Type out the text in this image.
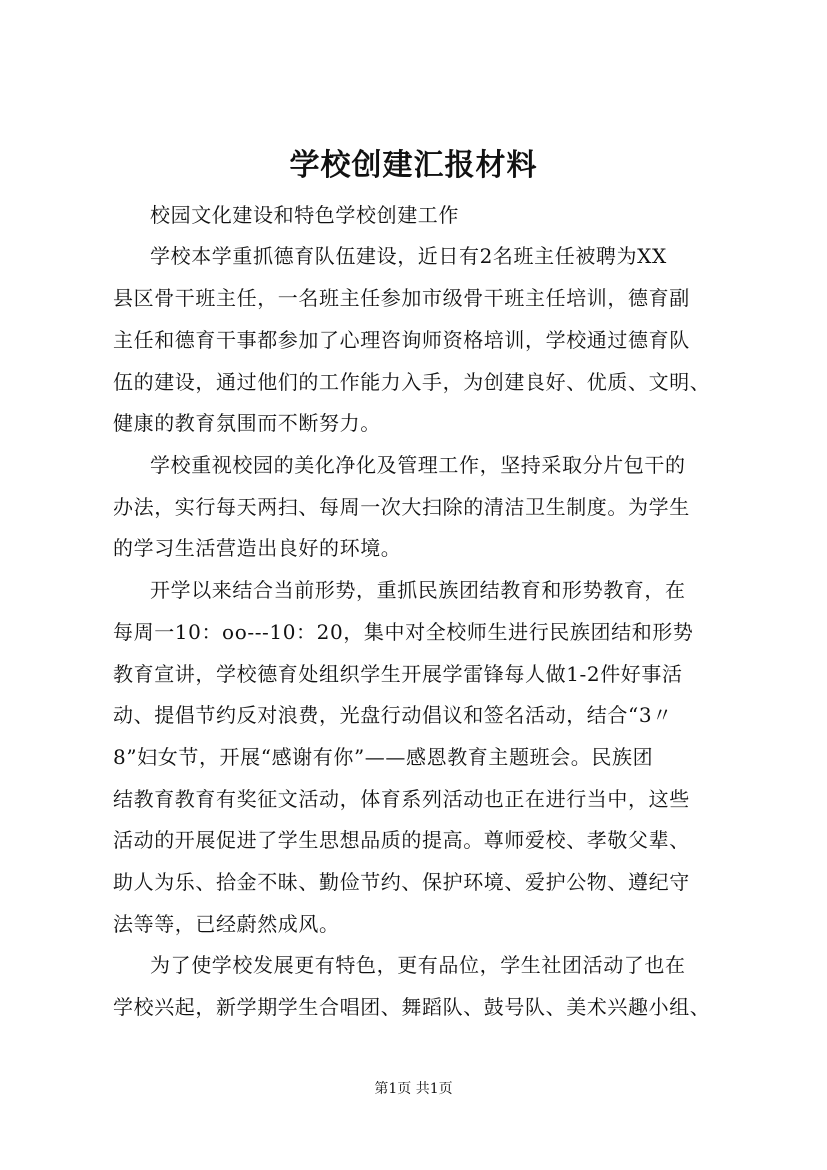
学校创建汇报材料
校园文化建设和特色学校创建工作
学校本学重抓德育队伍建设，近日有2名班主任被聘为XX
县区骨干班主任，一名班主任参加市级骨干班主任培训，德育副
主任和德育干事都参加了心理咨询师资格培训，学校通过德育队
伍的建设，通过他们的工作能力入手，为创建良好、优质、文明、
健康的教育氛围而不断努力。
学校重视校园的美化净化及管理工作，坚持采取分片包干的
办法，实行每天两扫、每周一次大扫除的清洁卫生制度。为学生
的学习生活营造出良好的环境。
开学以来结合当前形势，重抓民族团结教育和形势教育，在
每周一10：oo---10：20，集中对全校师生进行民族团结和形势
教育宣讲，学校德育处组织学生开展学雷锋每人做1-2件好事活
动、提倡节约反对浪费，光盘行动倡议和签名活动，结合“3〃
8”妇女节，开展“感谢有你”——感恩教育主题班会。民族团
结教育教育有奖征文活动，体育系列活动也正在进行当中，这些
活动的开展促进了学生思想品质的提高。尊师爱校、孝敬父辈、
助人为乐、拾金不昧、勤俭节约、保护环境、爱护公物、遵纪守
法等等，已经蔚然成风。
为了使学校发展更有特色，更有品位，学生社团活动了也在
学校兴起，新学期学生合唱团、舞蹈队、鼓号队、美术兴趣小组、
第1页 共1页
